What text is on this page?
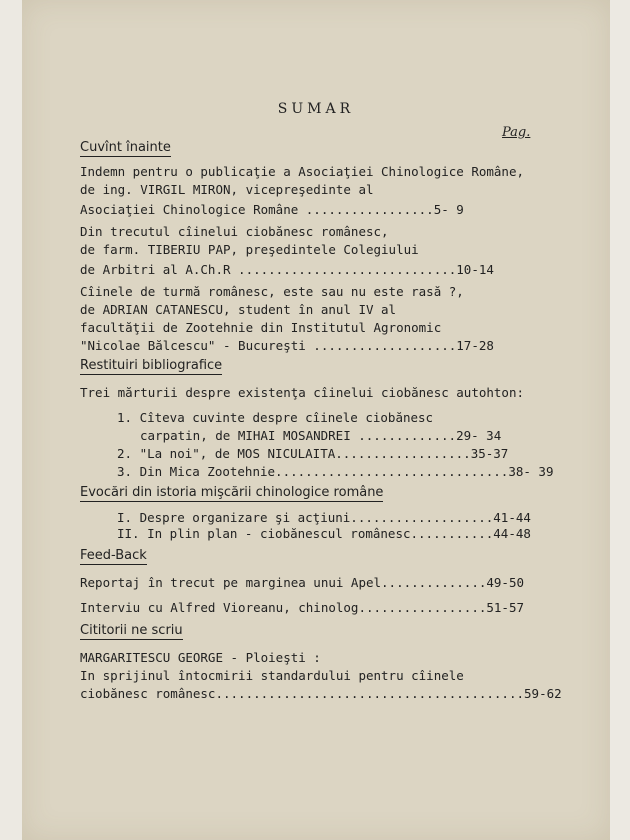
SUMAR
Pag.
Cuvînt înainte
Indemn pentru o publicaţie a Asociaţiei Chinologice Române,
de ing. VIRGIL MIRON, vicepreşedinte al
Asociaţiei Chinologice Române .................5- 9
Din trecutul cîinelui ciobănesc românesc,
de farm. TIBERIU PAP, preşedintele Colegiului
de Arbitri al A.Ch.R .............................10-14
Cîinele de turmă românesc, este sau nu este rasă ?,
de ADRIAN CATANESCU, student în anul IV al
facultăţii de Zootehnie din Institutul Agronomic
"Nicolae Bălcescu" - Bucureşti ...................17-28
Restituiri bibliografice
Trei mărturii despre existenţa cîinelui ciobănesc autohton:
1. Cîteva cuvinte despre cîinele ciobănesc
carpatin, de MIHAI MOSANDREI .............29- 34
2. "La noi", de MOS NICULAITA..................35-37
3. Din Mica Zootehnie...............................38- 39
Evocări din istoria mişcării chinologice române
I. Despre organizare şi acţiuni...................41-44
II. In plin plan - ciobănescul românesc...........44-48
Feed-Back
Reportaj în trecut pe marginea unui Apel..............49-50
Interviu cu Alfred Vioreanu, chinolog.................51-57
Cititorii ne scriu
MARGARITESCU GEORGE - Ploieşti :
In sprijinul întocmirii standardului pentru cîinele
ciobănesc românesc.........................................59-62
